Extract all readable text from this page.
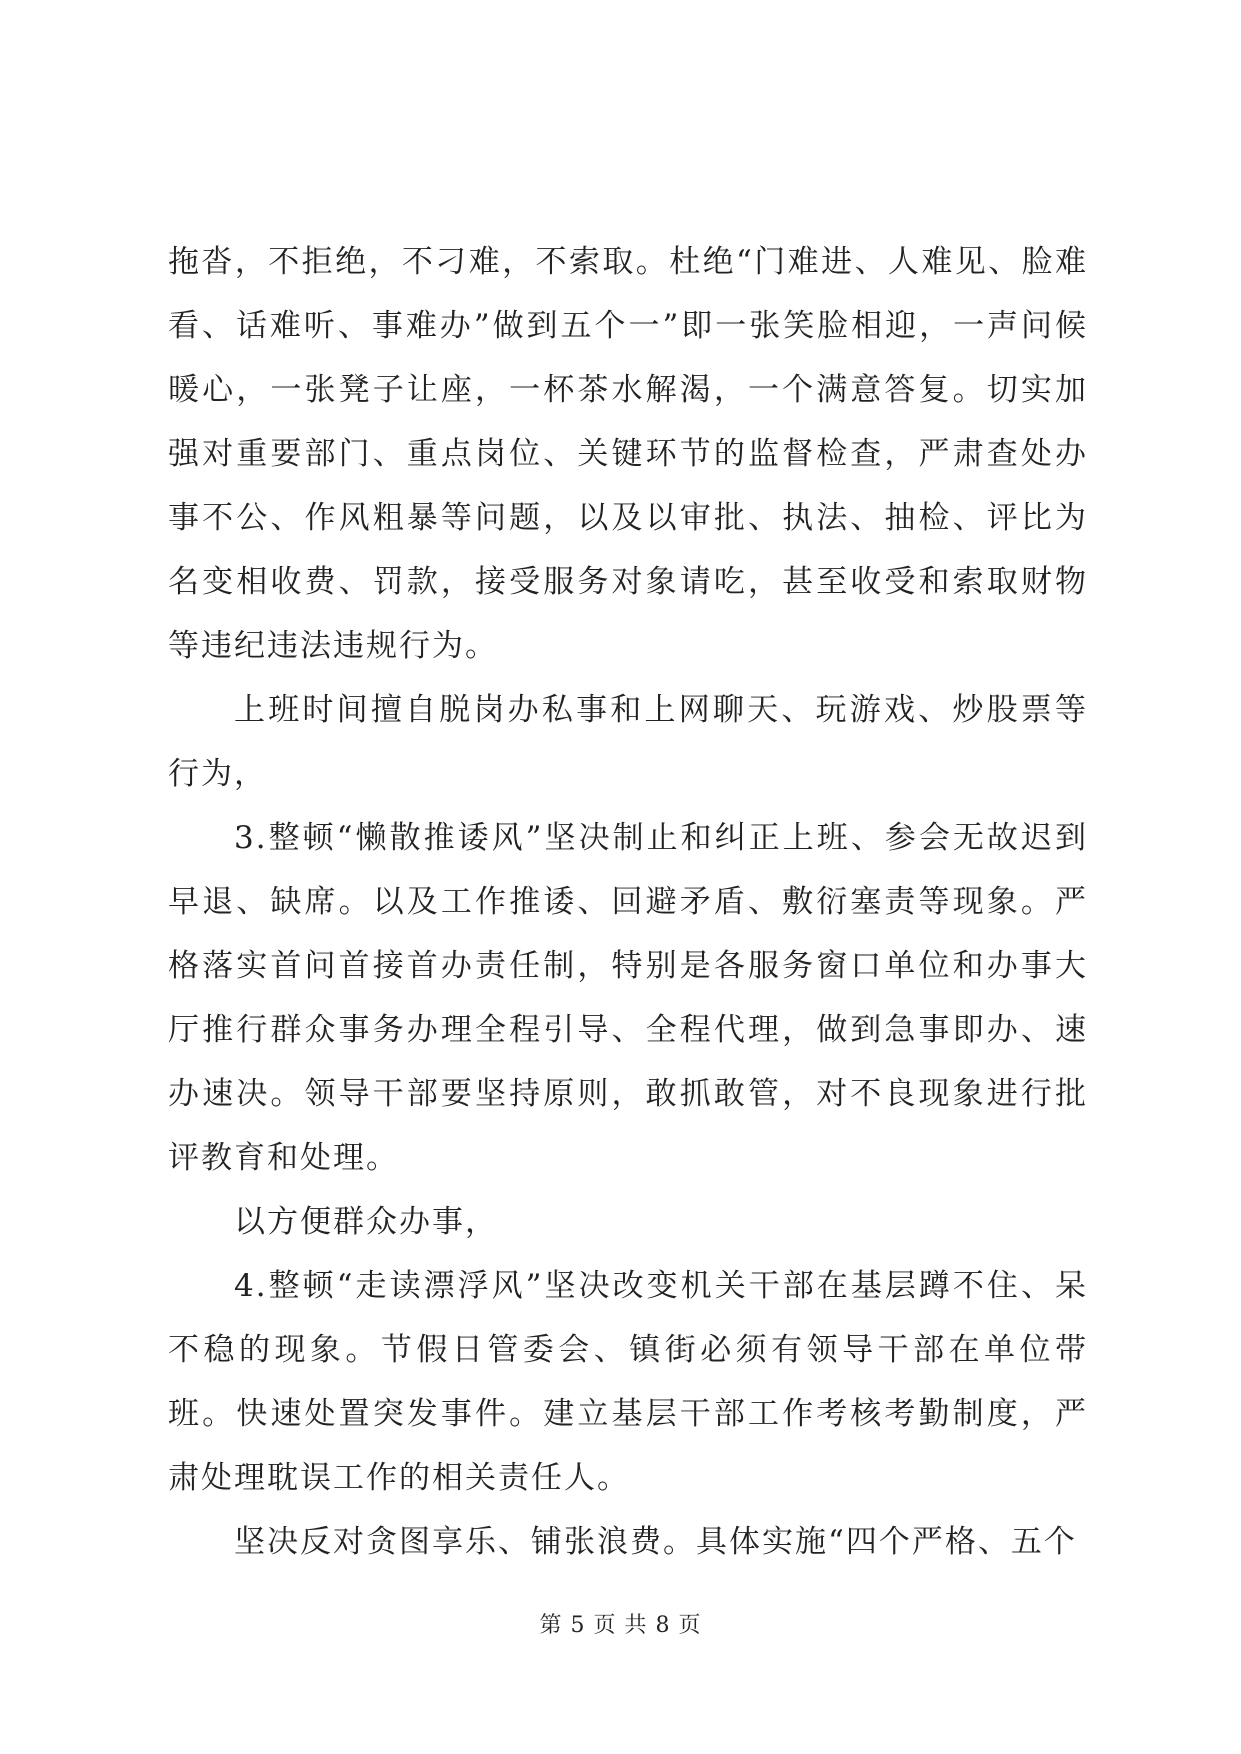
拖沓，不拒绝，不刁难，不索取。杜绝“门难进、人难见、脸难看、话难听、事难办”做到五个一”即一张笑脸相迎，一声问候暖心，一张凳子让座，一杯茶水解渴，一个满意答复。切实加强对重要部门、重点岗位、关键环节的监督检查，严肃查处办事不公、作风粗暴等问题，以及以审批、执法、抽检、评比为名变相收费、罚款，接受服务对象请吃，甚至收受和索取财物等违纪违法违规行为。

上班时间擅自脱岗办私事和上网聊天、玩游戏、炒股票等行为，

3.整顿“懒散推诿风”坚决制止和纠正上班、参会无故迟到早退、缺席。以及工作推诿、回避矛盾、敷衍塞责等现象。严格落实首问首接首办责任制，特别是各服务窗口单位和办事大厅推行群众事务办理全程引导、全程代理，做到急事即办、速办速决。领导干部要坚持原则，敢抓敢管，对不良现象进行批评教育和处理。

以方便群众办事，

4.整顿“走读漂浮风”坚决改变机关干部在基层蹲不住、呆不稳的现象。节假日管委会、镇街必须有领导干部在单位带班。快速处置突发事件。建立基层干部工作考核考勤制度，严肃处理耽误工作的相关责任人。

坚决反对贪图享乐、铺张浪费。具体实施“四个严格、五个

第 5 页 共 8 页
